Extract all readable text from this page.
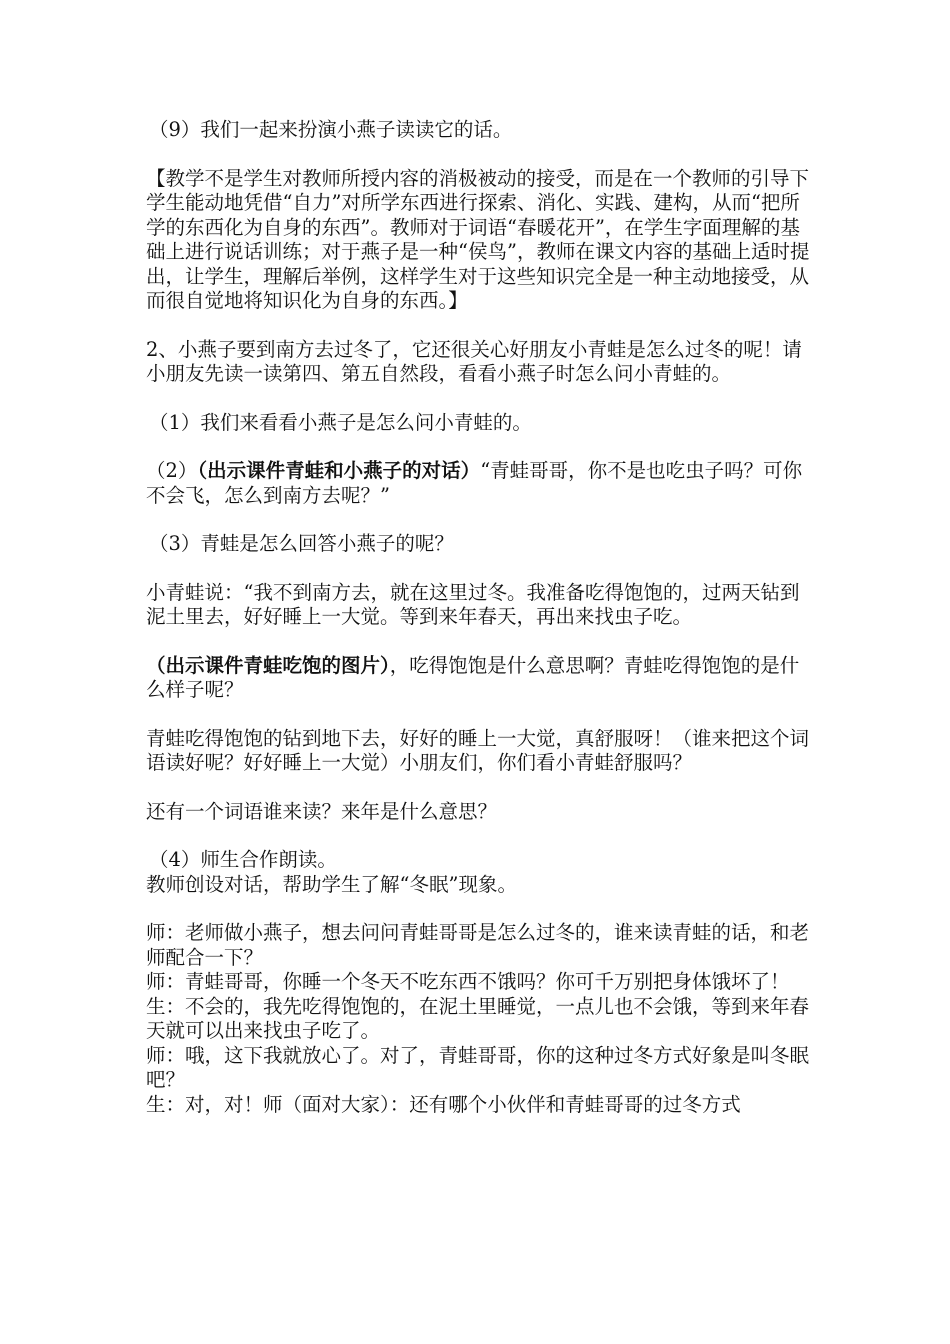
（9）我们一起来扮演小燕子读读它的话。

【教学不是学生对教师所授内容的消极被动的接受，而是在一个教师的引导下学生能动地凭借“自力”对所学东西进行探索、消化、实践、建构，从而“把所学的东西化为自身的东西”。教师对于词语“春暖花开”，在学生字面理解的基础上进行说话训练；对于燕子是一种“侯鸟”，教师在课文内容的基础上适时提出，让学生，理解后举例，这样学生对于这些知识完全是一种主动地接受，从而很自觉地将知识化为自身的东西。】

2、小燕子要到南方去过冬了，它还很关心好朋友小青蛙是怎么过冬的呢！请小朋友先读一读第四、第五自然段，看看小燕子时怎么问小青蛙的。

（1）我们来看看小燕子是怎么问小青蛙的。

（2）（出示课件青蛙和小燕子的对话）“青蛙哥哥，你不是也吃虫子吗？可你不会飞，怎么到南方去呢？”

（3）青蛙是怎么回答小燕子的呢？

小青蛙说：“我不到南方去，就在这里过冬。我准备吃得饱饱的，过两天钻到泥土里去，好好睡上一大觉。等到来年春天，再出来找虫子吃。

（出示课件青蛙吃饱的图片），吃得饱饱是什么意思啊？青蛙吃得饱饱的是什么样子呢？

青蛙吃得饱饱的钻到地下去，好好的睡上一大觉，真舒服呀！（谁来把这个词语读好呢？好好睡上一大觉）小朋友们，你们看小青蛙舒服吗？

还有一个词语谁来读？来年是什么意思？

（4）师生合作朗读。

教师创设对话，帮助学生了解“冬眠”现象。

师：老师做小燕子，想去问问青蛙哥哥是怎么过冬的，谁来读青蛙的话，和老师配合一下？

师：青蛙哥哥，你睡一个冬天不吃东西不饿吗？你可千万别把身体饿坏了！

生：不会的，我先吃得饱饱的，在泥土里睡觉，一点儿也不会饿，等到来年春天就可以出来找虫子吃了。

师：哦，这下我就放心了。对了，青蛙哥哥，你的这种过冬方式好象是叫冬眠吧？

生：对，对！师（面对大家）：还有哪个小伙伴和青蛙哥哥的过冬方式
